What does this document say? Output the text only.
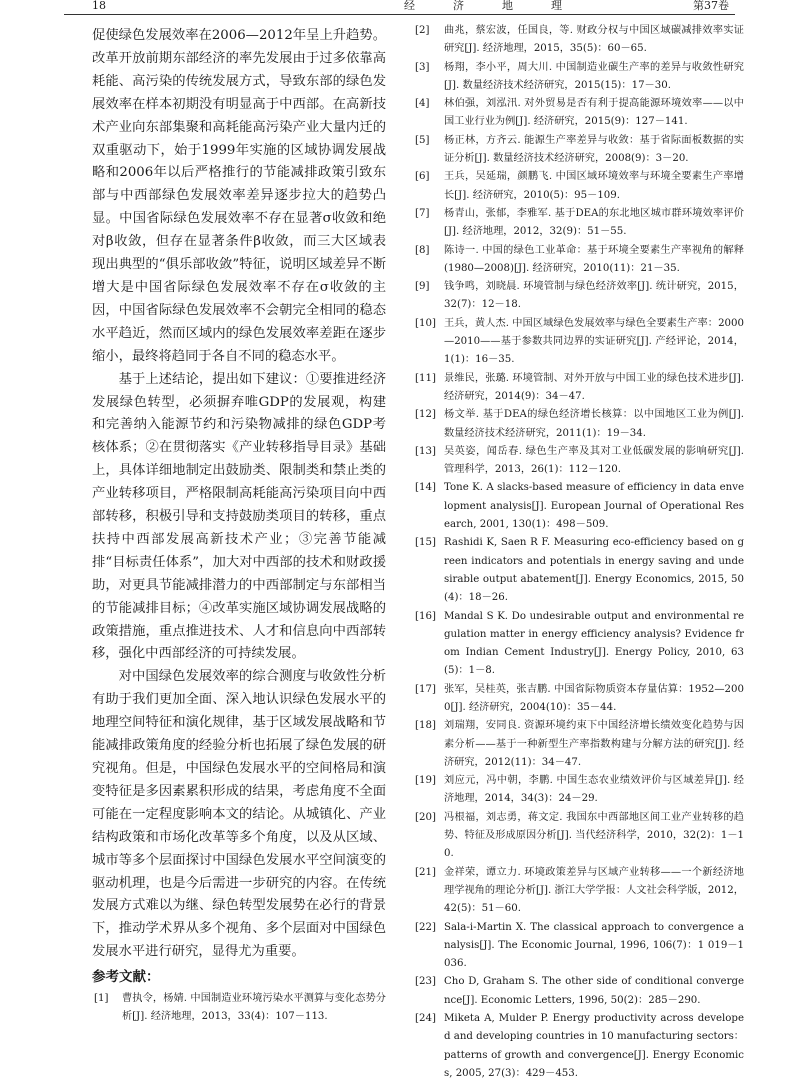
18	经济地理	第37卷

促使绿色发展效率在2006—2012年呈上升趋势。改革开放前期东部经济的率先发展由于过多依靠高耗能、高污染的传统发展方式，导致东部的绿色发展效率在样本初期没有明显高于中西部。在高新技术产业向东部集聚和高耗能高污染产业大量内迁的双重驱动下，始于1999年实施的区域协调发展战略和2006年以后严格推行的节能减排政策引致东部与中西部绿色发展效率差异逐步拉大的趋势凸显。中国省际绿色发展效率不存在显著σ收敛和绝对β收敛，但存在显著条件β收敛，而三大区域表现出典型的“俱乐部收敛”特征，说明区域差异不断增大是中国省际绿色发展效率不存在σ收敛的主因，中国省际绿色发展效率不会朝完全相同的稳态水平趋近，然而区域内的绿色发展效率差距在逐步缩小，最终将趋同于各自不同的稳态水平。

基于上述结论，提出如下建议：①要推进经济发展绿色转型，必须摒弃唯GDP的发展观，构建和完善纳入能源节约和污染物减排的绿色GDP考核体系；②在贯彻落实《产业转移指导目录》基础上，具体详细地制定出鼓励类、限制类和禁止类的产业转移项目，严格限制高耗能高污染项目向中西部转移，积极引导和支持鼓励类项目的转移，重点扶持中西部发展高新技术产业；③完善节能减排“目标责任体系”，加大对中西部的技术和财政援助，对更具节能减排潜力的中西部制定与东部相当的节能减排目标；④改革实施区域协调发展战略的政策措施，重点推进技术、人才和信息向中西部转移，强化中西部经济的可持续发展。

对中国绿色发展效率的综合测度与收敛性分析有助于我们更加全面、深入地认识绿色发展水平的地理空间特征和演化规律，基于区域发展战略和节能减排政策角度的经验分析也拓展了绿色发展的研究视角。但是，中国绿色发展水平的空间格局和演变特征是多因素累积形成的结果，考虑角度不全面可能在一定程度影响本文的结论。从城镇化、产业结构政策和市场化改革等多个角度，以及从区域、城市等多个层面探讨中国绿色发展水平空间演变的驱动机理，也是今后需进一步研究的内容。在传统发展方式难以为继、绿色转型发展势在必行的背景下，推动学术界从多个视角、多个层面对中国绿色发展水平进行研究，显得尤为重要。

参考文献：
[1] 曹执令，杨婧. 中国制造业环境污染水平测算与变化态势分析[J]. 经济地理，2013，33(4)：107－113.
[2] 曲兆，蔡宏波，任国良，等. 财政分权与中国区域碳减排效率实证研究[J]. 经济地理，2015，35(5)：60－65.
[3] 杨翔，李小平，周大川. 中国制造业碳生产率的差异与收敛性研究[J]. 数量经济技术经济研究，2015(15)：17－30.
[4] 林伯强，刘泓汛. 对外贸易是否有利于提高能源环境效率——以中国工业行业为例[J]. 经济研究，2015(9)：127－141.
[5] 杨正林，方齐云. 能源生产率差异与收敛：基于省际面板数据的实证分析[J]. 数量经济技术经济研究，2008(9)：3－20.
[6] 王兵，吴延瑞，颜鹏飞. 中国区域环境效率与环境全要素生产率增长[J]. 经济研究，2010(5)：95－109.
[7] 杨青山，张郁，李雅军. 基于DEA的东北地区城市群环境效率评价[J]. 经济地理，2012，32(9)：51－55.
[8] 陈诗一. 中国的绿色工业革命：基于环境全要素生产率视角的解释(1980—2008)[J]. 经济研究，2010(11)：21－35.
[9] 钱争鸣，刘晓晨. 环境管制与绿色经济效率[J]. 统计研究，2015，32(7)：12－18.
[10] 王兵，黄人杰. 中国区域绿色发展效率与绿色全要素生产率：2000—2010——基于参数共同边界的实证研究[J]. 产经评论，2014，1(1)：16－35.
[11] 景维民，张璐. 环境管制、对外开放与中国工业的绿色技术进步[J]. 经济研究，2014(9)：34－47.
[12] 杨文举. 基于DEA的绿色经济增长核算：以中国地区工业为例[J]. 数量经济技术经济研究，2011(1)：19－34.
[13] 吴英姿，闻岳春. 绿色生产率及其对工业低碳发展的影响研究[J]. 管理科学，2013，26(1)：112－120.
[14] Tone K. A slacks-based measure of efficiency in data envelopment analysis[J]. European Journal of Operational Research, 2001, 130(1)：498－509.
[15] Rashidi K, Saen R F. Measuring eco-efficiency based on green indicators and potentials in energy saving and undesirable output abatement[J]. Energy Economics, 2015, 50(4)：18－26.
[16] Mandal S K. Do undesirable output and environmental regulation matter in energy efficiency analysis? Evidence from Indian Cement Industry[J]. Energy Policy, 2010, 63(5)：1－8.
[17] 张军，吴桂英，张吉鹏. 中国省际物质资本存量估算：1952—2000[J]. 经济研究，2004(10)：35－44.
[18] 刘瑞翔，安同良. 资源环境约束下中国经济增长绩效变化趋势与因素分析——基于一种新型生产率指数构建与分解方法的研究[J]. 经济研究，2012(11)：34－47.
[19] 刘应元，冯中朝，李鹏. 中国生态农业绩效评价与区域差异[J]. 经济地理，2014，34(3)：24－29.
[20] 冯根福，刘志勇，蒋文定. 我国东中西部地区间工业产业转移的趋势、特征及形成原因分析[J]. 当代经济科学，2010，32(2)：1－10.
[21] 金祥荣，谭立力. 环境政策差异与区域产业转移——一个新经济地理学视角的理论分析[J]. 浙江大学学报：人文社会科学版，2012，42(5)：51－60.
[22] Sala-i-Martin X. The classical approach to convergence analysis[J]. The Economic Journal, 1996, 106(7)：1 019－1 036.
[23] Cho D, Graham S. The other side of conditional convergence[J]. Economic Letters, 1996, 50(2)：285－290.
[24] Miketa A, Mulder P. Energy productivity across developed and developing countries in 10 manufacturing sectors：patterns of growth and convergence[J]. Energy Economics, 2005, 27(3)：429－453.
